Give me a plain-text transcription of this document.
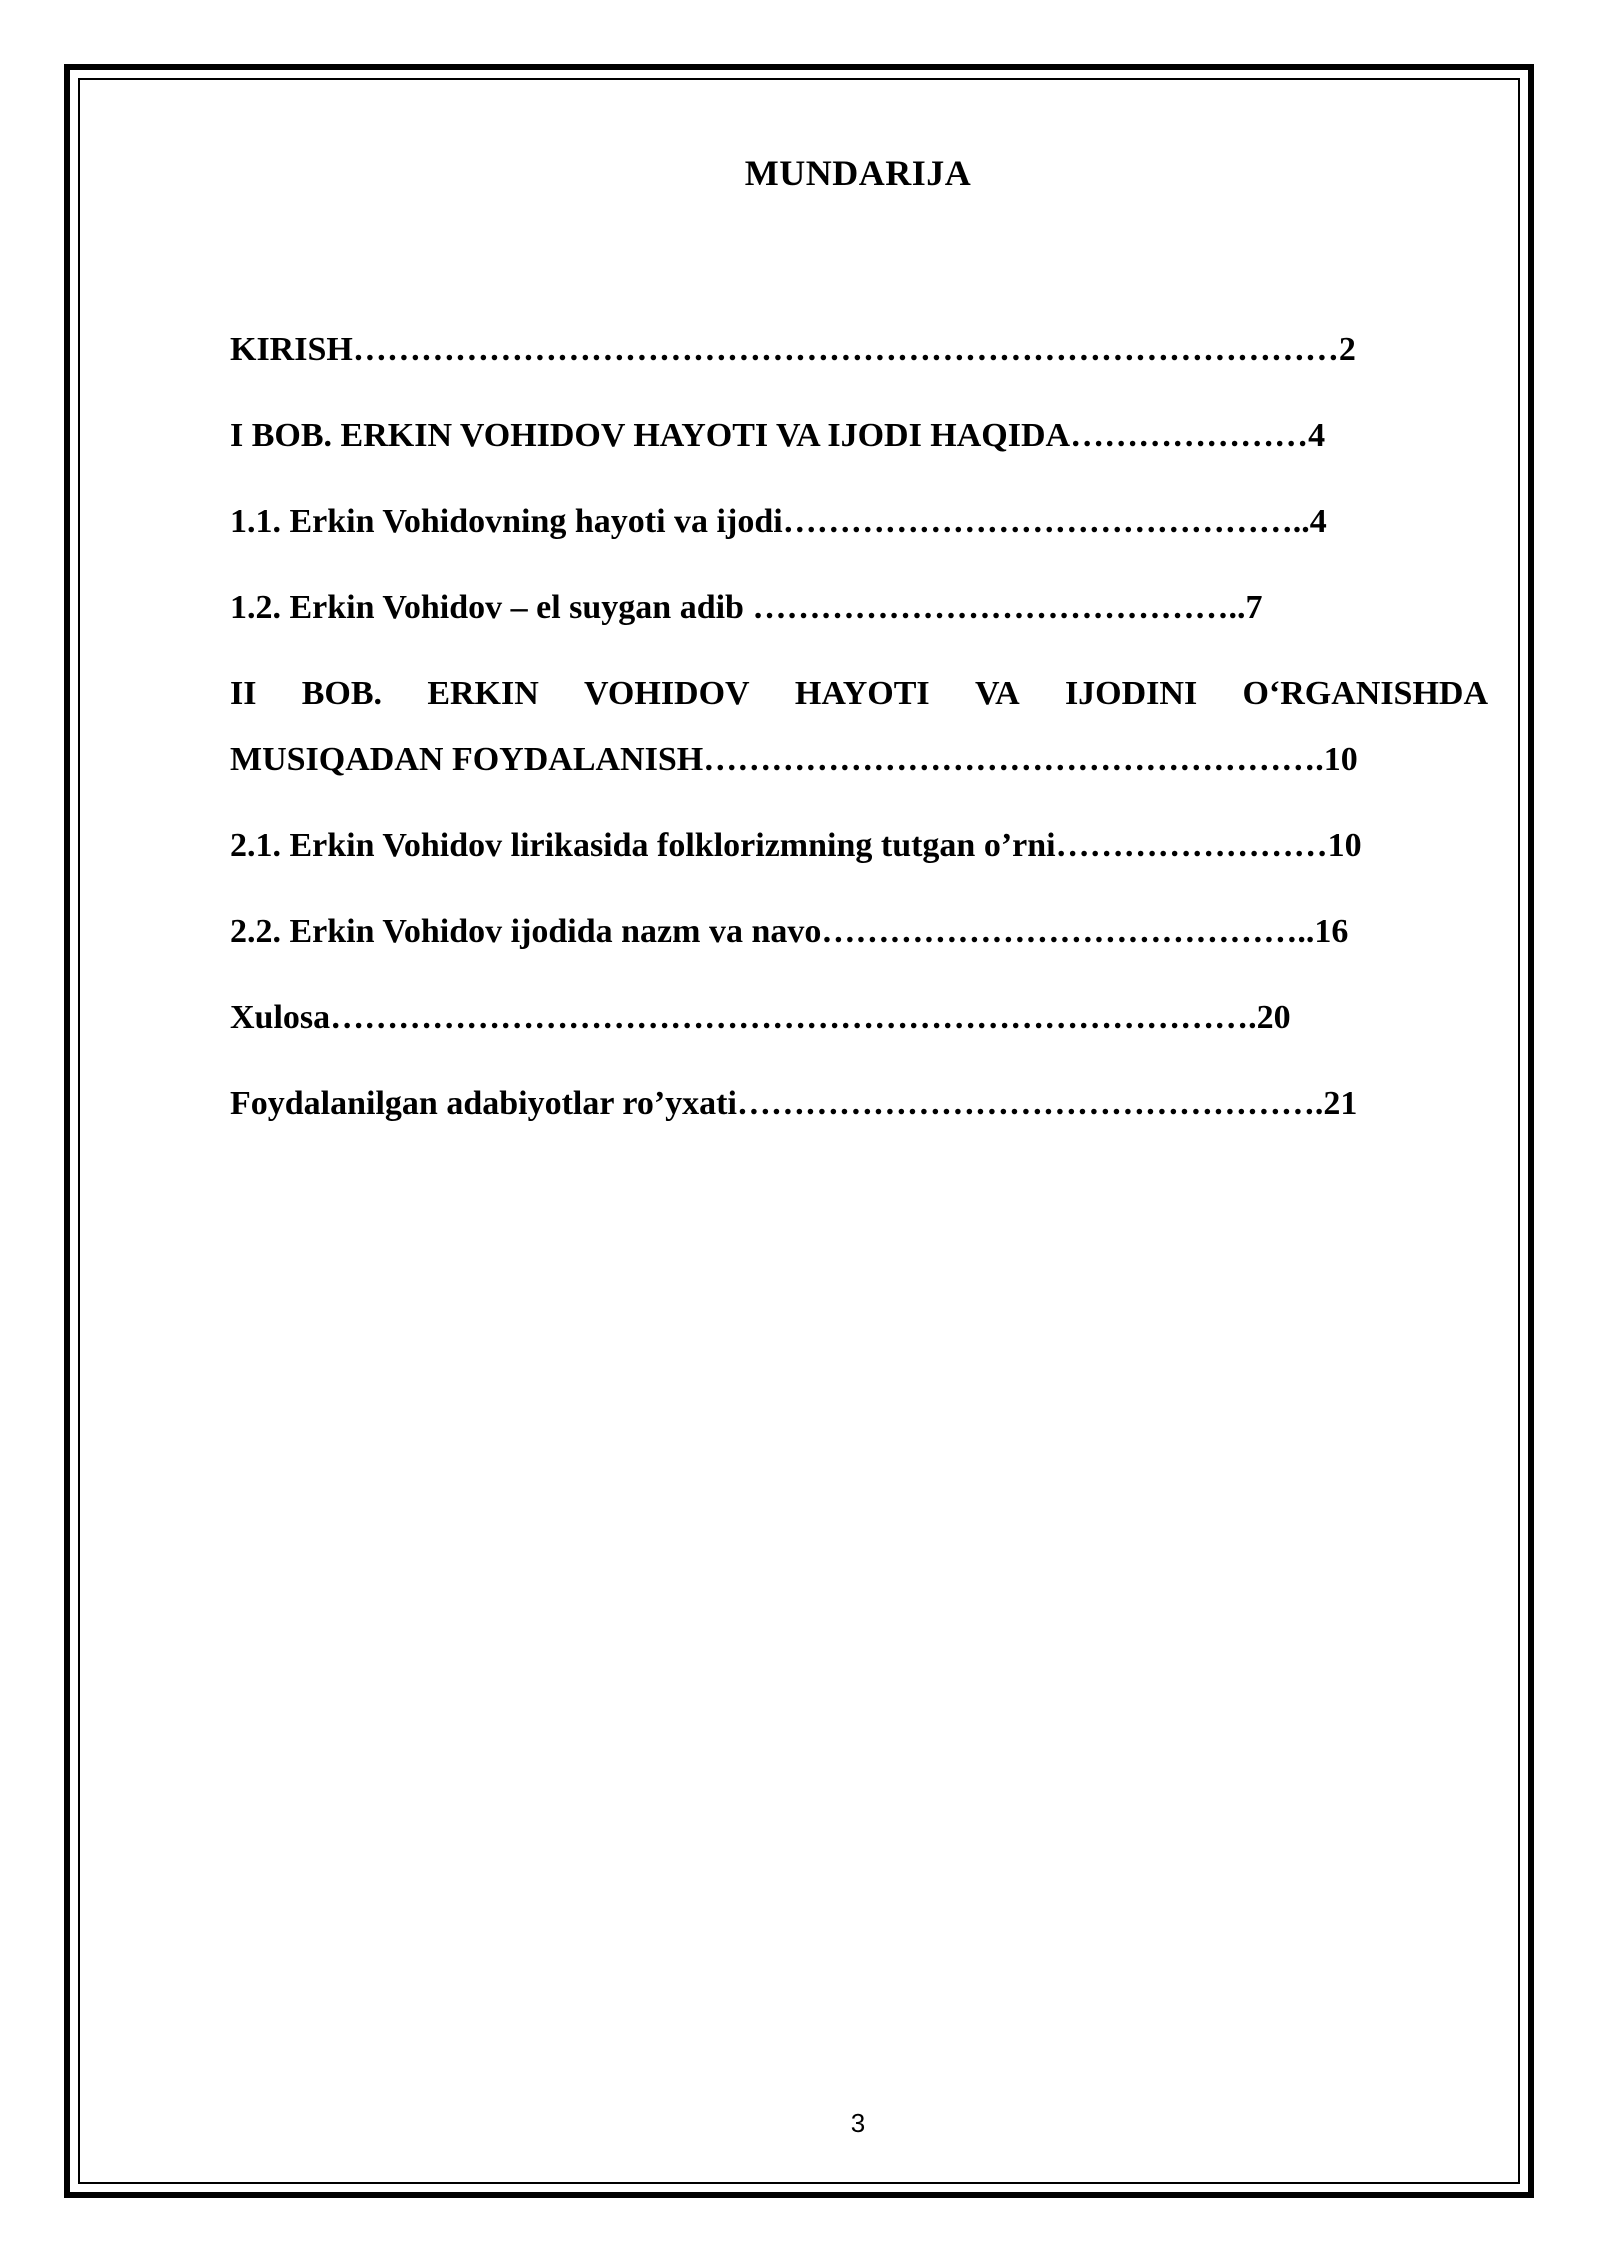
MUNDARIJA
KIRISH……………………………………………………………………………2
I BOB. ERKIN VOHIDOV HAYOTI VA IJODI HAQIDA…………………4
1.1. Erkin Vohidovning hayoti va ijodi………………………………………..4
1.2. Erkin Vohidov – el suygan adib ……………………………………..7
II BOB. ERKIN VOHIDOV HAYOTI VA IJODINI O‘RGANISHDA
MUSIQADAN FOYDALANISH……………………………………………….10
2.1. Erkin Vohidov lirikasida folklorizmning tutgan o’rni……………………10
2.2. Erkin Vohidov ijodida nazm va navo……………………………………..16
Xulosa……………………………………………………………………….20
Foydalanilgan adabiyotlar ro’yxati…………………………………………….21
3
